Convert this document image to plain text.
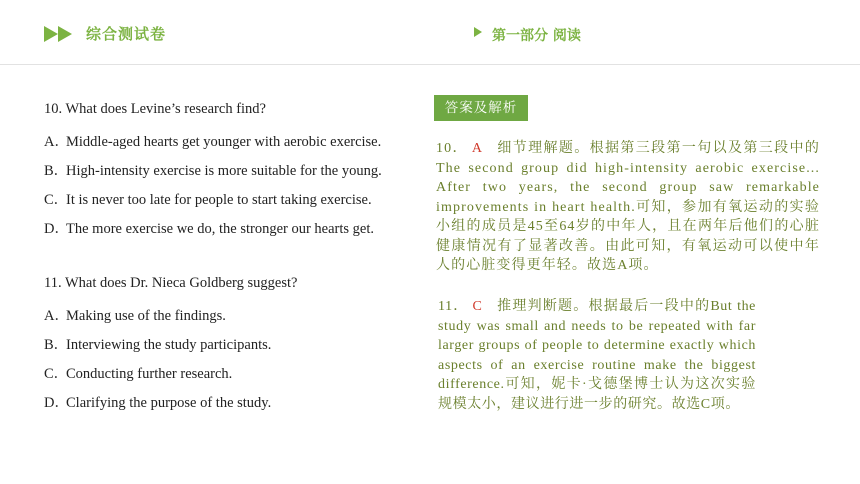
综合测试卷	第一部分 阅读
10. What does Levine’s research find?
A．Middle-aged hearts get younger with aerobic exercise.
B．High-intensity exercise is more suitable for the young.
C．It is never too late for people to start taking exercise.
D．The more exercise we do, the stronger our hearts get.
11. What does Dr. Nieca Goldberg suggest?
A．Making use of the findings.
B．Interviewing the study participants.
C．Conducting further research.
D．Clarifying the purpose of the study.
答案及解析
10． A 细节理解题。根据第三段第一句以及第三段中的The second group did high-intensity aerobic exercise... After two years, the second group saw remarkable improvements in heart health.可知，参加有氧运动的实验小组的成员是45至64岁的中年人，且在两年后他们的心脏健康情况有了显著改善。由此可知，有氧运动可以使中年人的心脏变得更年轻。故选A项。
11． C 推理判断题。根据最后一段中的But the study was small and needs to be repeated with far larger groups of people to determine exactly which aspects of an exercise routine make the biggest difference.可知，妮卡·戈德堡博士认为这次实验规模太小，建议进行进一步的研究。故选C项。
